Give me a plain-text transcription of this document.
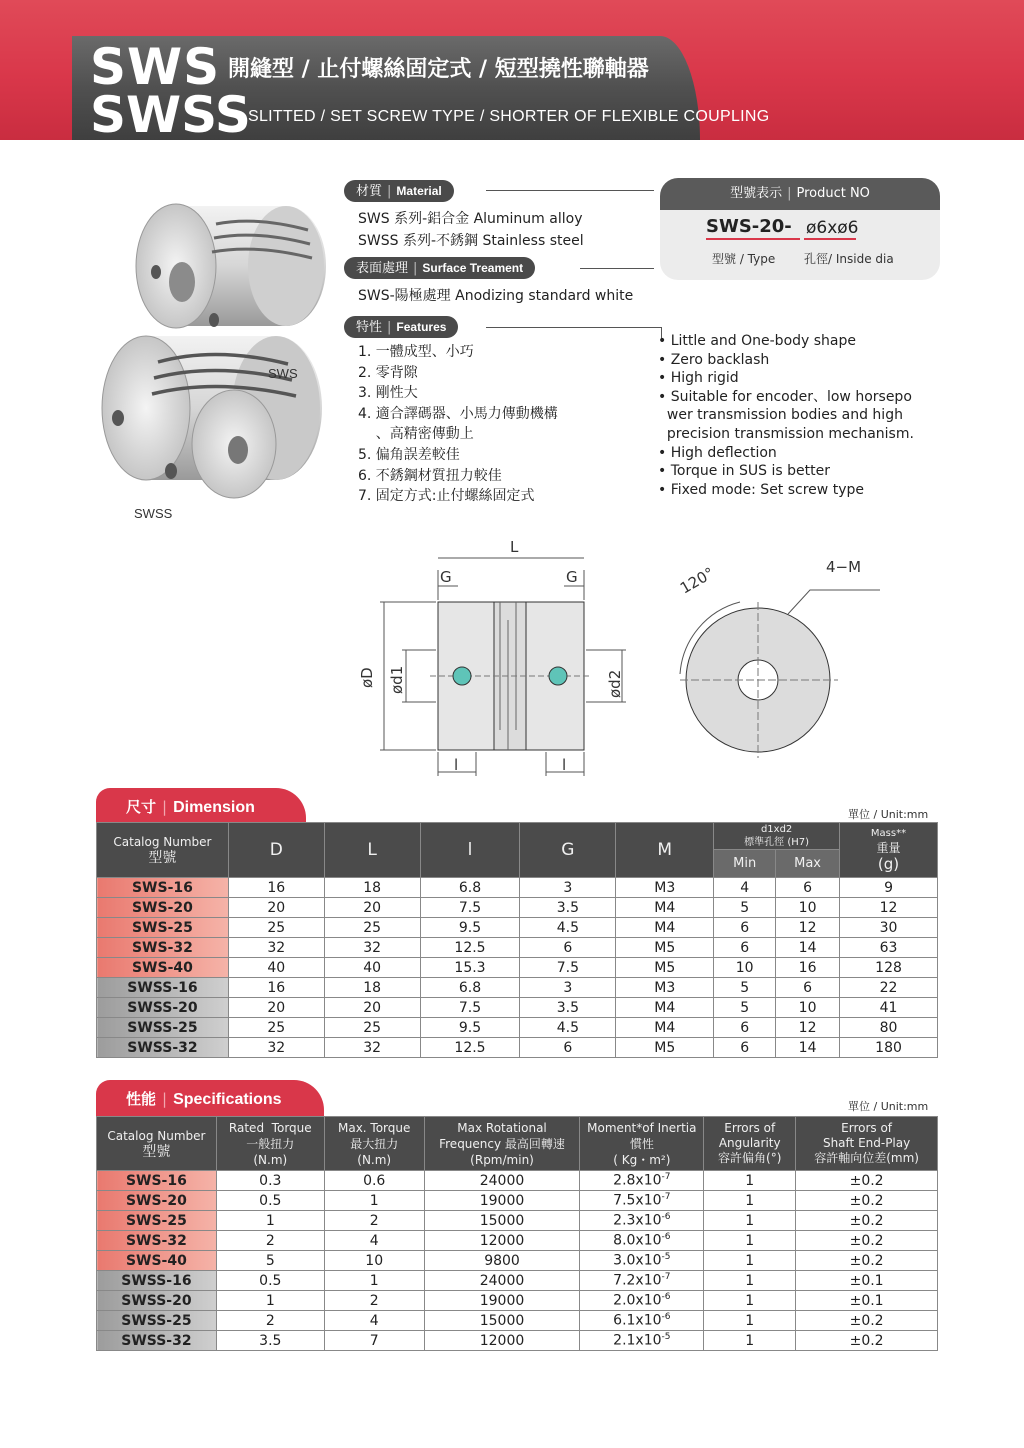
SWS
SWSS
開縫型 / 止付螺絲固定式 / 短型撓性聯軸器
SLITTED / SET SCREW TYPE / SHORTER OF FLEXIBLE COUPLING
SWS
SWSS
材質 | Material
SWS 系列-鋁合金 Aluminum alloy
SWSS 系列-不銹鋼 Stainless steel
表面處理 | Surface Treament
SWS-陽極處理 Anodizing standard white
特性 | Features
1. 一體成型、小巧
2. 零背隙
3. 剛性大
4. 適合譯碼器、小馬力傳動機構
、高精密傳動上
5. 偏角誤差較佳
6. 不銹鋼材質扭力較佳
7. 固定方式:止付螺絲固定式
• Little and One-body shape
• Zero backlash
• High rigid
• Suitable for encoder、low horsepo
wer transmission bodies and high
precision transmission mechanism.
• High deflection
• Torque in SUS is better
• Fixed mode: Set screw type
型號表示 | Product NO
SWS-20- ø6xø6
型號 / Type 孔徑/ Inside dia
L
G	G
øD ød1	ød2
l	l
120°	4−M
尺寸 | Dimension	單位 / Unit:mm
Catalog Number
型號	D	L	l	G	M	d1xd2
標準孔徑 (H7)		Mass**
重量
(g)
						Min	Max	
SWS-16	16	18	6.8	3	M3	4	6	9
SWS-20	20	20	7.5	3.5	M4	5	10	12
SWS-25	25	25	9.5	4.5	M4	6	12	30
SWS-32	32	32	12.5	6	M5	6	14	63
SWS-40	40	40	15.3	7.5	M5	10	16	128
SWSS-16	16	18	6.8	3	M3	5	6	22
SWSS-20	20	20	7.5	3.5	M4	5	10	41
SWSS-25	25	25	9.5	4.5	M4	6	12	80
SWSS-32	32	32	12.5	6	M5	6	14	180
性能 | Specifications	單位 / Unit:mm
Catalog Number
型號	Rated  Torque
一般扭力
(N.m)	Max. Torque
最大扭力
(N.m)	Max Rotational
Frequency 最高回轉速
(Rpm/min)	Moment*of Inertia
慣性
( Kg・m²)	Errors of
Angularity
容許偏角(°)	Errors of
Shaft End-Play
容許軸向位差(mm)
SWS-16	0.3	0.6	24000	$2.8x10^{-7}$	1	±0.2
SWS-20	0.5	1	19000	$7.5x10^{-7}$	1	±0.2
SWS-25	1	2	15000	$2.3x10^{-6}$	1	±0.2
SWS-32	2	4	12000	$8.0x10^{-6}$	1	±0.2
SWS-40	5	10	9800	$3.0x10^{-5}$	1	±0.2
SWSS-16	0.5	1	24000	$7.2x10^{-7}$	1	±0.1
SWSS-20	1	2	19000	$2.0x10^{-6}$	1	±0.1
SWSS-25	2	4	15000	$6.1x10^{-6}$	1	±0.2
SWSS-32	3.5	7	12000	$2.1x10^{-5}$	1	±0.2
